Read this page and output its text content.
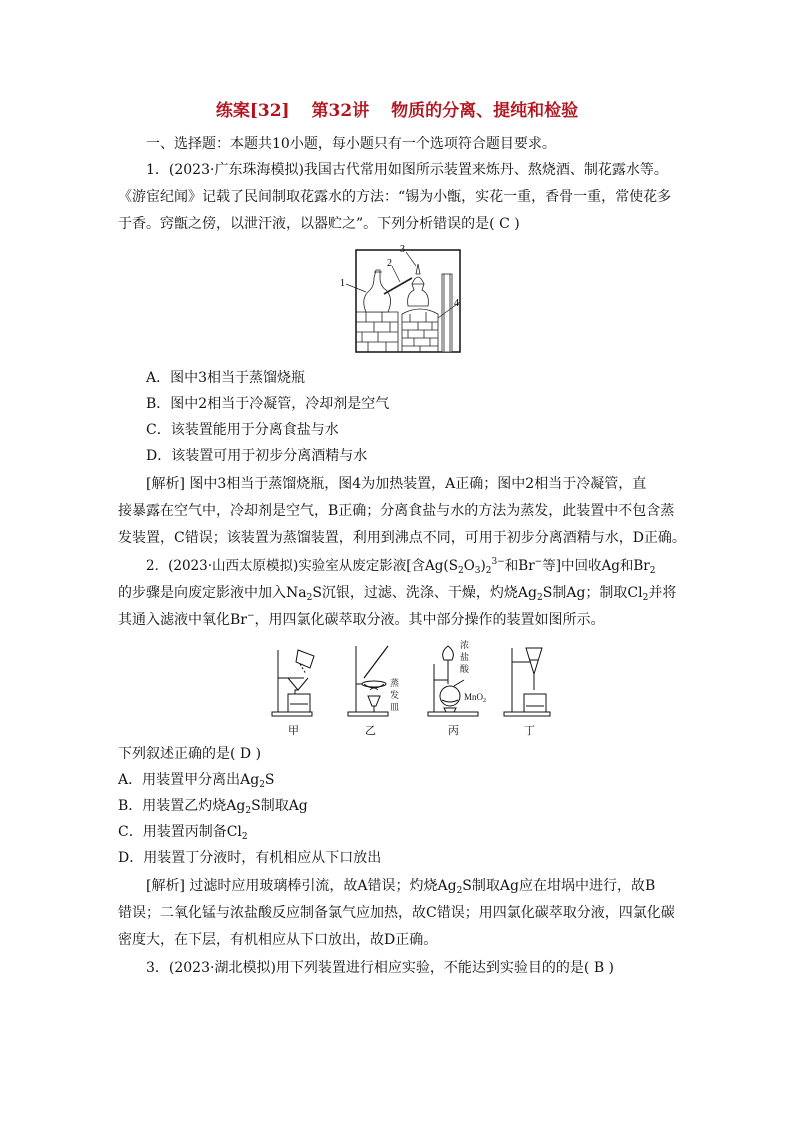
练案[32] 第32讲 物质的分离、提纯和检验
一、选择题：本题共10小题，每小题只有一个选项符合题目要求。
1．(2023·广东珠海模拟)我国古代常用如图所示装置来炼丹、熬烧酒、制花露水等。
《游宦纪闻》记载了民间制取花露水的方法：“锡为小甑，实花一重，香骨一重，常使花多
于香。窍甑之傍，以泄汗液，以器贮之”。下列分析错误的是( C )
1
2
3
4
A．图中3相当于蒸馏烧瓶
B．图中2相当于冷凝管，冷却剂是空气
C．该装置能用于分离食盐与水
D．该装置可用于初步分离酒精与水
[解析] 图中3相当于蒸馏烧瓶，图4为加热装置，A正确；图中2相当于冷凝管，直
接暴露在空气中，冷却剂是空气，B正确；分离食盐与水的方法为蒸发，此装置中不包含蒸
发装置，C错误；该装置为蒸馏装置，利用到沸点不同，可用于初步分离酒精与水，D正确。
2．(2023·山西太原模拟)实验室从废定影液[含$Ag(S_2O_3)_2^{3-}$和Br−等]中回收Ag和$Br_2$
的步骤是向废定影液中加入$Na_2S$沉银，过滤、洗涤、干燥，灼烧$Ag_2S$制Ag；制取$Cl_2$并将
其通入滤液中氧化Br−，用四氯化碳萃取分液。其中部分操作的装置如图所示。
蒸
发
皿
浓
盐
酸
MnO$_2$
甲	乙	丙	丁
下列叙述正确的是( D )
A．用装置甲分离出$Ag_2S$
B．用装置乙灼烧$Ag_2S$制取Ag
C．用装置丙制备$Cl_2$
D．用装置丁分液时，有机相应从下口放出
[解析] 过滤时应用玻璃棒引流，故A错误；灼烧$Ag_2S$制取Ag应在坩埚中进行，故B
错误；二氧化锰与浓盐酸反应制备氯气应加热，故C错误；用四氯化碳萃取分液，四氯化碳
密度大，在下层，有机相应从下口放出，故D正确。
3．(2023·湖北模拟)用下列装置进行相应实验，不能达到实验目的的是( B )
